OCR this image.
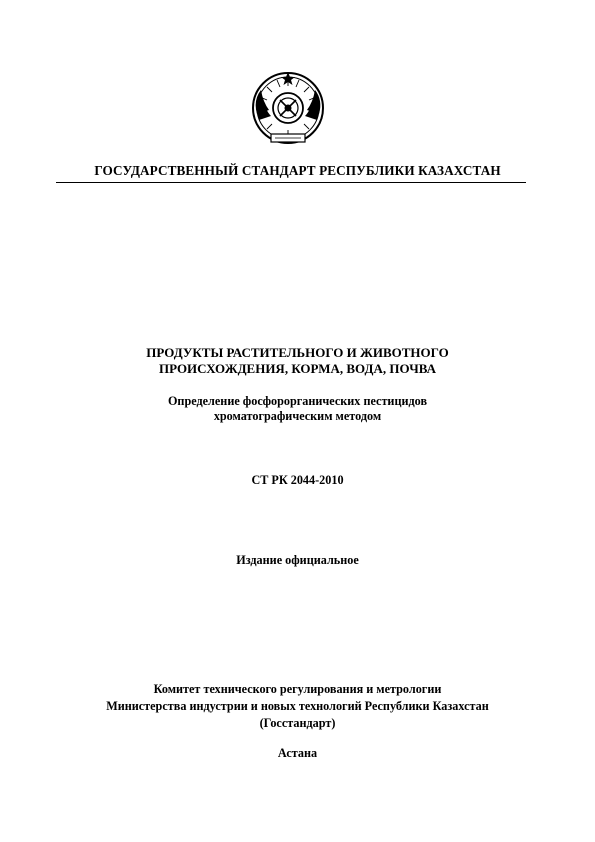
ГОСУДАРСТВЕННЫЙ СТАНДАРТ РЕСПУБЛИКИ КАЗАХСТАН
ПРОДУКТЫ РАСТИТЕЛЬНОГО И ЖИВОТНОГО
ПРОИСХОЖДЕНИЯ, КОРМА, ВОДА, ПОЧВА
Определение фосфорорганических пестицидов
хроматографическим методом
СТ РК 2044-2010
Издание официальное
Комитет технического регулирования и метрологии
Министерства индустрии и новых технологий Республики Казахстан
(Госстандарт)
Астана
